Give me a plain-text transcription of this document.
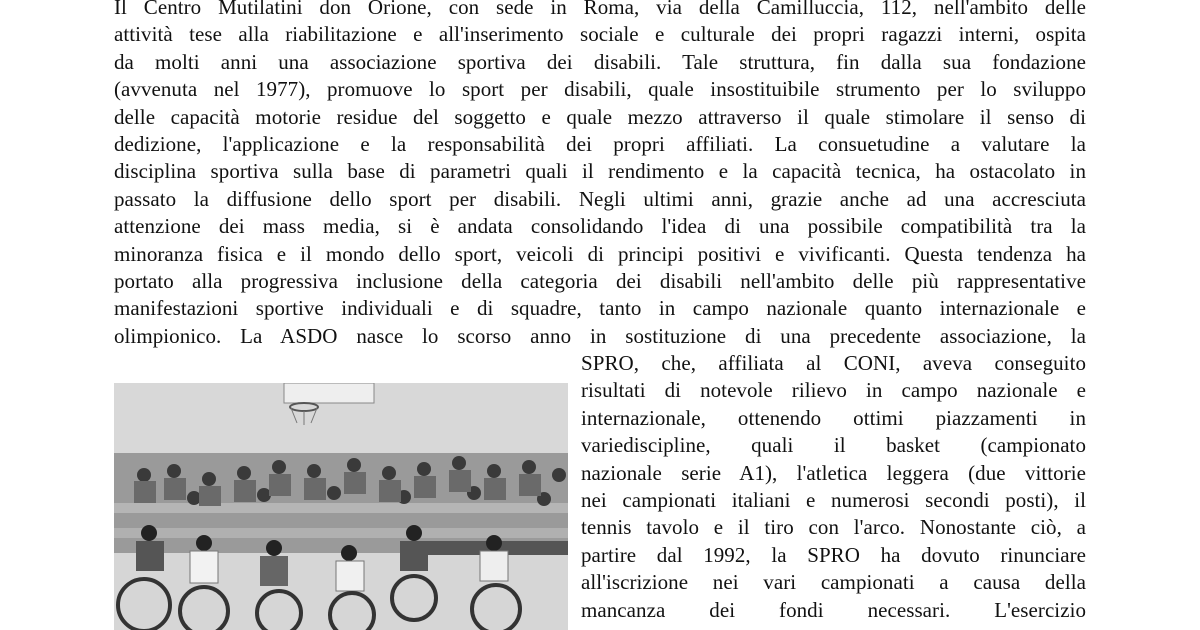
Il Centro Mutilatini don Orione, con sede in Roma, via della Camilluccia, 112, nell'ambito delle
attività tese alla riabilitazione e all'inserimento sociale e culturale dei propri ragazzi interni, ospita
da molti anni una associazione sportiva dei disabili. Tale struttura, fin dalla sua fondazione
(avvenuta nel 1977), promuove lo sport per disabili, quale insostituibile strumento per lo sviluppo
delle capacità motorie residue del soggetto e quale mezzo attraverso il quale stimolare il senso di
dedizione, l'applicazione e la responsabilità dei propri affiliati. La consuetudine a valutare la
disciplina sportiva sulla base di parametri quali il rendimento e la capacità tecnica, ha ostacolato in
passato la diffusione dello sport per disabili. Negli ultimi anni, grazie anche ad una accresciuta
attenzione dei mass media, si è andata consolidando l'idea di una possibile compatibilità tra la
minoranza fisica e il mondo dello sport, veicoli di principi positivi e vivificanti. Questa tendenza ha
portato alla progressiva inclusione della categoria dei disabili nell'ambito delle più rappresentative
manifestazioni sportive individuali e di squadre, tanto in campo nazionale quanto internazionale e
olimpionico. La ASDO nasce lo scorso anno in sostituzione di una precedente associazione, la
SPRO, che, affiliata al CONI, aveva conseguito
risultati di notevole rilievo in campo nazionale e
internazionale, ottenendo ottimi piazzamenti in
variediscipline, quali il basket (campionato
nazionale serie A1), l'atletica leggera (due vittorie
nei campionati italiani e numerosi secondi posti), il
tennis tavolo e il tiro con l'arco. Nonostante ciò, a
partire dal 1992, la SPRO ha dovuto rinunciare
all'iscrizione nei vari campionati a causa della
mancanza dei fondi necessari. L'esercizio
